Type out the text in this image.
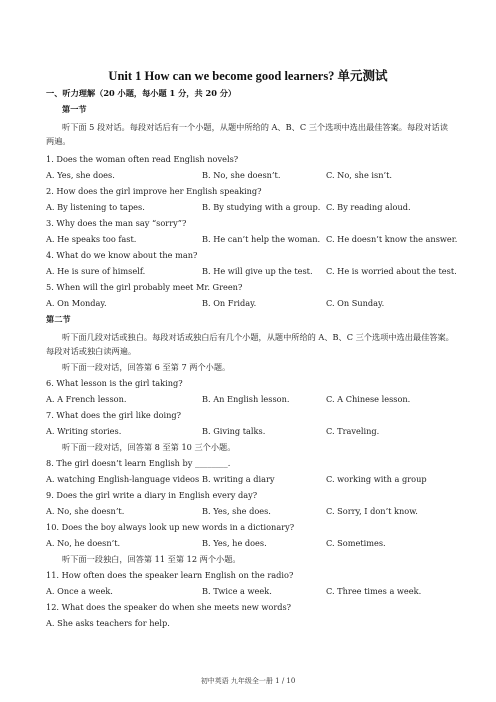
Unit 1 How can we become good learners? 单元测试
一、听力理解（20 小题，每小题 1 分，共 20 分）
第一节
听下面 5 段对话。每段对话后有一个小题，从题中所给的 A、B、C 三个选项中选出最佳答案。每段对话读两遍。
1. Does the woman often read English novels?
A. Yes, she does.	B. No, she doesn’t.	C. No, she isn’t.
2. How does the girl improve her English speaking?
A. By listening to tapes.	B. By studying with a group. C. By reading aloud.
3. Why does the man say “sorry”?
A. He speaks too fast.	B. He can’t help the woman. C. He doesn’t know the answer.
4. What do we know about the man?
A. He is sure of himself.	B. He will give up the test. C. He is worried about the test.
5. When will the girl probably meet Mr. Green?
A. On Monday.	B. On Friday.	C. On Sunday.
第二节
听下面几段对话或独白。每段对话或独白后有几个小题，从题中所给的 A、B、C 三个选项中选出最佳答案。每段对话或独白读两遍。
听下面一段对话，回答第 6 至第 7 两个小题。
6. What lesson is the girl taking?
A. A French lesson.	B. An English lesson.	C. A Chinese lesson.
7. What does the girl like doing?
A. Writing stories.	B. Giving talks.	C. Traveling.
听下面一段对话，回答第 8 至第 10 三个小题。
8. The girl doesn’t learn English by ________.
A. watching English-language videos B. writing a diary	C. working with a group
9. Does the girl write a diary in English every day?
A. No, she doesn’t.	B. Yes, she does.	C. Sorry, I don’t know.
10. Does the boy always look up new words in a dictionary?
A. No, he doesn’t.	B. Yes, he does.	C. Sometimes.
听下面一段独白，回答第 11 至第 12 两个小题。
11. How often does the speaker learn English on the radio?
A. Once a week.	B. Twice a week.	C. Three times a week.
12. What does the speaker do when she meets new words?
A. She asks teachers for help.
初中英语 九年级全一册 1 / 10
